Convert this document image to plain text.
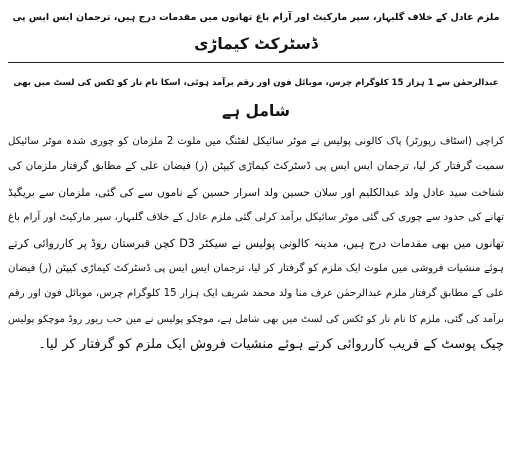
ملزم عادل کے خلاف گلبہار، سپر مارکیٹ اور آرام باغ تھانوں میں مقدمات درج ہیں، ترجمان ایس ایس پی
ڈسٹرکٹ کیماڑی
عبدالرحمٰن سے 1 ہزار 15 کلوگرام چرس، موبائل فون اور رقم برآمد ہوئی، اسکا نام نار کو ٹکس کی لسٹ میں بھی
شامل ہے
کراچی (اسٹاف رپورٹر) پاک کالونی پولیس نے موٹر سائیکل لفٹنگ میں ملوث 2 ملزمان کو چوری شدہ موٹر سائیکل
سمیت گرفتار کر لیا، ترجمان ایس ایس پی ڈسٹرکٹ کیماڑی کیپٹن (ر) فیضان علی کے مطابق گرفتار ملزمان کی
شناخت سید عادل ولد عبدالکلیم اور سلان حسین ولد اسرار حسین کے ناموں سے کی گئی، ملزمان سے بریگیڈ
تھانے کی حدود سے چوری کی گئی موٹر سائیکل برآمد کرلی گئی ملزم عادل کے خلاف گلبہار، سپر مارکیٹ اور آرام باغ
تھانوں میں بھی مقدمات درج ہیں، مدینہ کالونی پولیس نے سیکٹر D3 کچن قبرستان روڈ پر کارروائی کرتے
ہوئے منشیات فروشی میں ملوث ایک ملزم کو گرفتار کر لیا، ترجمان ایس ایس پی ڈسٹرکٹ کیماڑی کیپٹن (ر) فیضان
علی کے مطابق گرفتار ملزم عبدالرحمٰن عرف منا ولد محمد شریف ایک ہزار 15 کلوگرام چرس، موبائل فون اور رقم
برآمد کی گئی، ملزم کا نام نار کو ٹکس کی لسٹ میں بھی شامل ہے، موچکو پولیس نے مین حب ریور روڈ موچکو پولیس
چیک پوسٹ کے قریب کارروائی کرتے ہوئے منشیات فروش ایک ملزم کو گرفتار کر لیا۔
